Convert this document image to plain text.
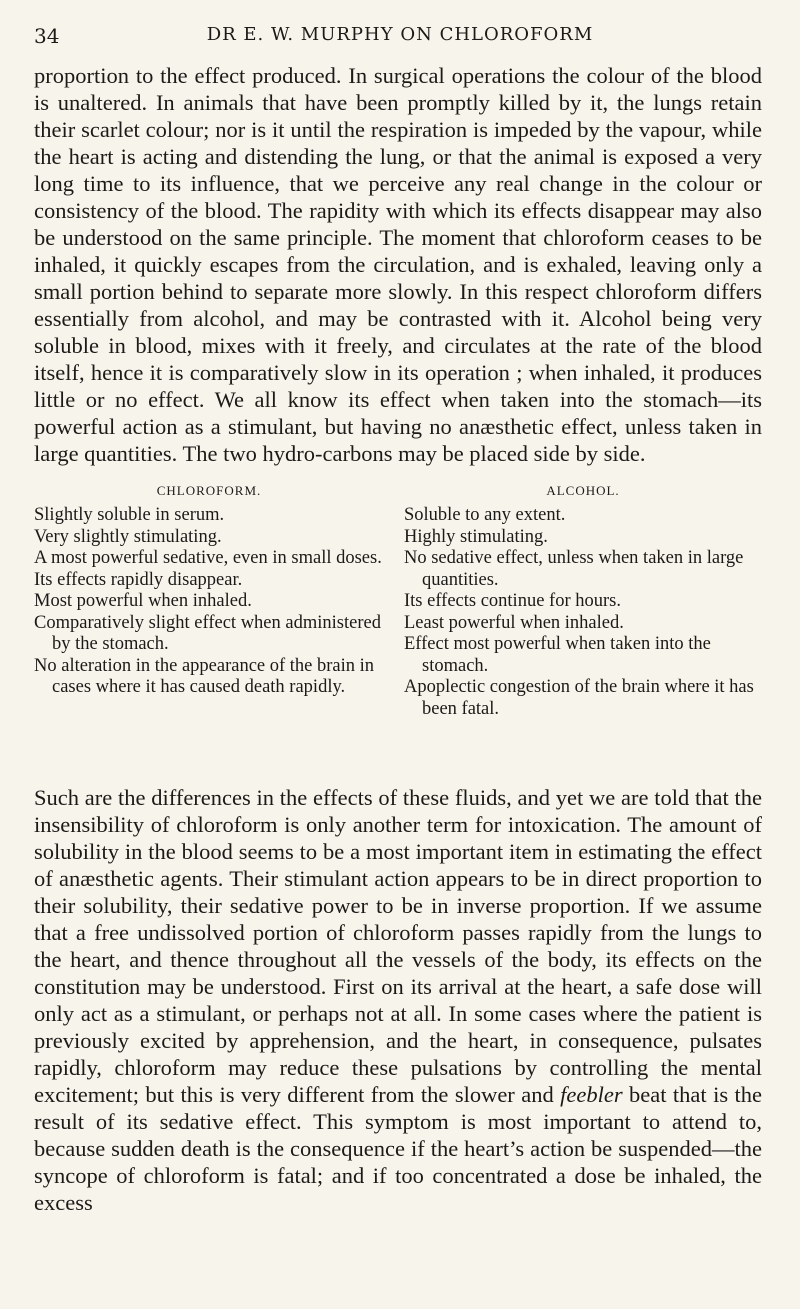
34	DR E. W. MURPHY ON CHLOROFORM

proportion to the effect produced. In surgical operations the colour of the blood is unaltered. In animals that have been promptly killed by it, the lungs retain their scarlet colour; nor is it until the respiration is impeded by the vapour, while the heart is acting and distending the lung, or that the animal is exposed a very long time to its influence, that we perceive any real change in the colour or consistency of the blood. The rapidity with which its effects disappear may also be understood on the same principle. The moment that chloroform ceases to be inhaled, it quickly escapes from the circulation, and is exhaled, leaving only a small portion behind to separate more slowly. In this respect chloroform differs essentially from alcohol, and may be contrasted with it. Alcohol being very soluble in blood, mixes with it freely, and circulates at the rate of the blood itself, hence it is comparatively slow in its operation ; when inhaled, it produces little or no effect. We all know its effect when taken into the stomach—its powerful action as a stimulant, but having no anæsthetic effect, unless taken in large quantities. The two hydro-carbons may be placed side by side.

CHLOROFORM.
Slightly soluble in serum.
Very slightly stimulating.
A most powerful sedative, even in small doses.
Its effects rapidly disappear.
Most powerful when inhaled.
Comparatively slight effect when administered by the stomach.
No alteration in the appearance of the brain in cases where it has caused death rapidly.
ALCOHOL.
Soluble to any extent.
Highly stimulating.
No sedative effect, unless when taken in large quantities.
Its effects continue for hours.
Least powerful when inhaled.
Effect most powerful when taken into the stomach.
Apoplectic congestion of the brain where it has been fatal.

Such are the differences in the effects of these fluids, and yet we are told that the insensibility of chloroform is only another term for intoxication. The amount of solubility in the blood seems to be a most important item in estimating the effect of anæsthetic agents. Their stimulant action appears to be in direct proportion to their solubility, their sedative power to be in inverse proportion. If we assume that a free undissolved portion of chloroform passes rapidly from the lungs to the heart, and thence throughout all the vessels of the body, its effects on the constitution may be understood. First on its arrival at the heart, a safe dose will only act as a stimulant, or perhaps not at all. In some cases where the patient is previously excited by apprehension, and the heart, in consequence, pulsates rapidly, chloroform may reduce these pulsations by controlling the mental excitement; but this is very different from the slower and feebler beat that is the result of its sedative effect. This symptom is most important to attend to, because sudden death is the consequence if the heart’s action be suspended—the syncope of chloroform is fatal; and if too concentrated a dose be inhaled, the excess
